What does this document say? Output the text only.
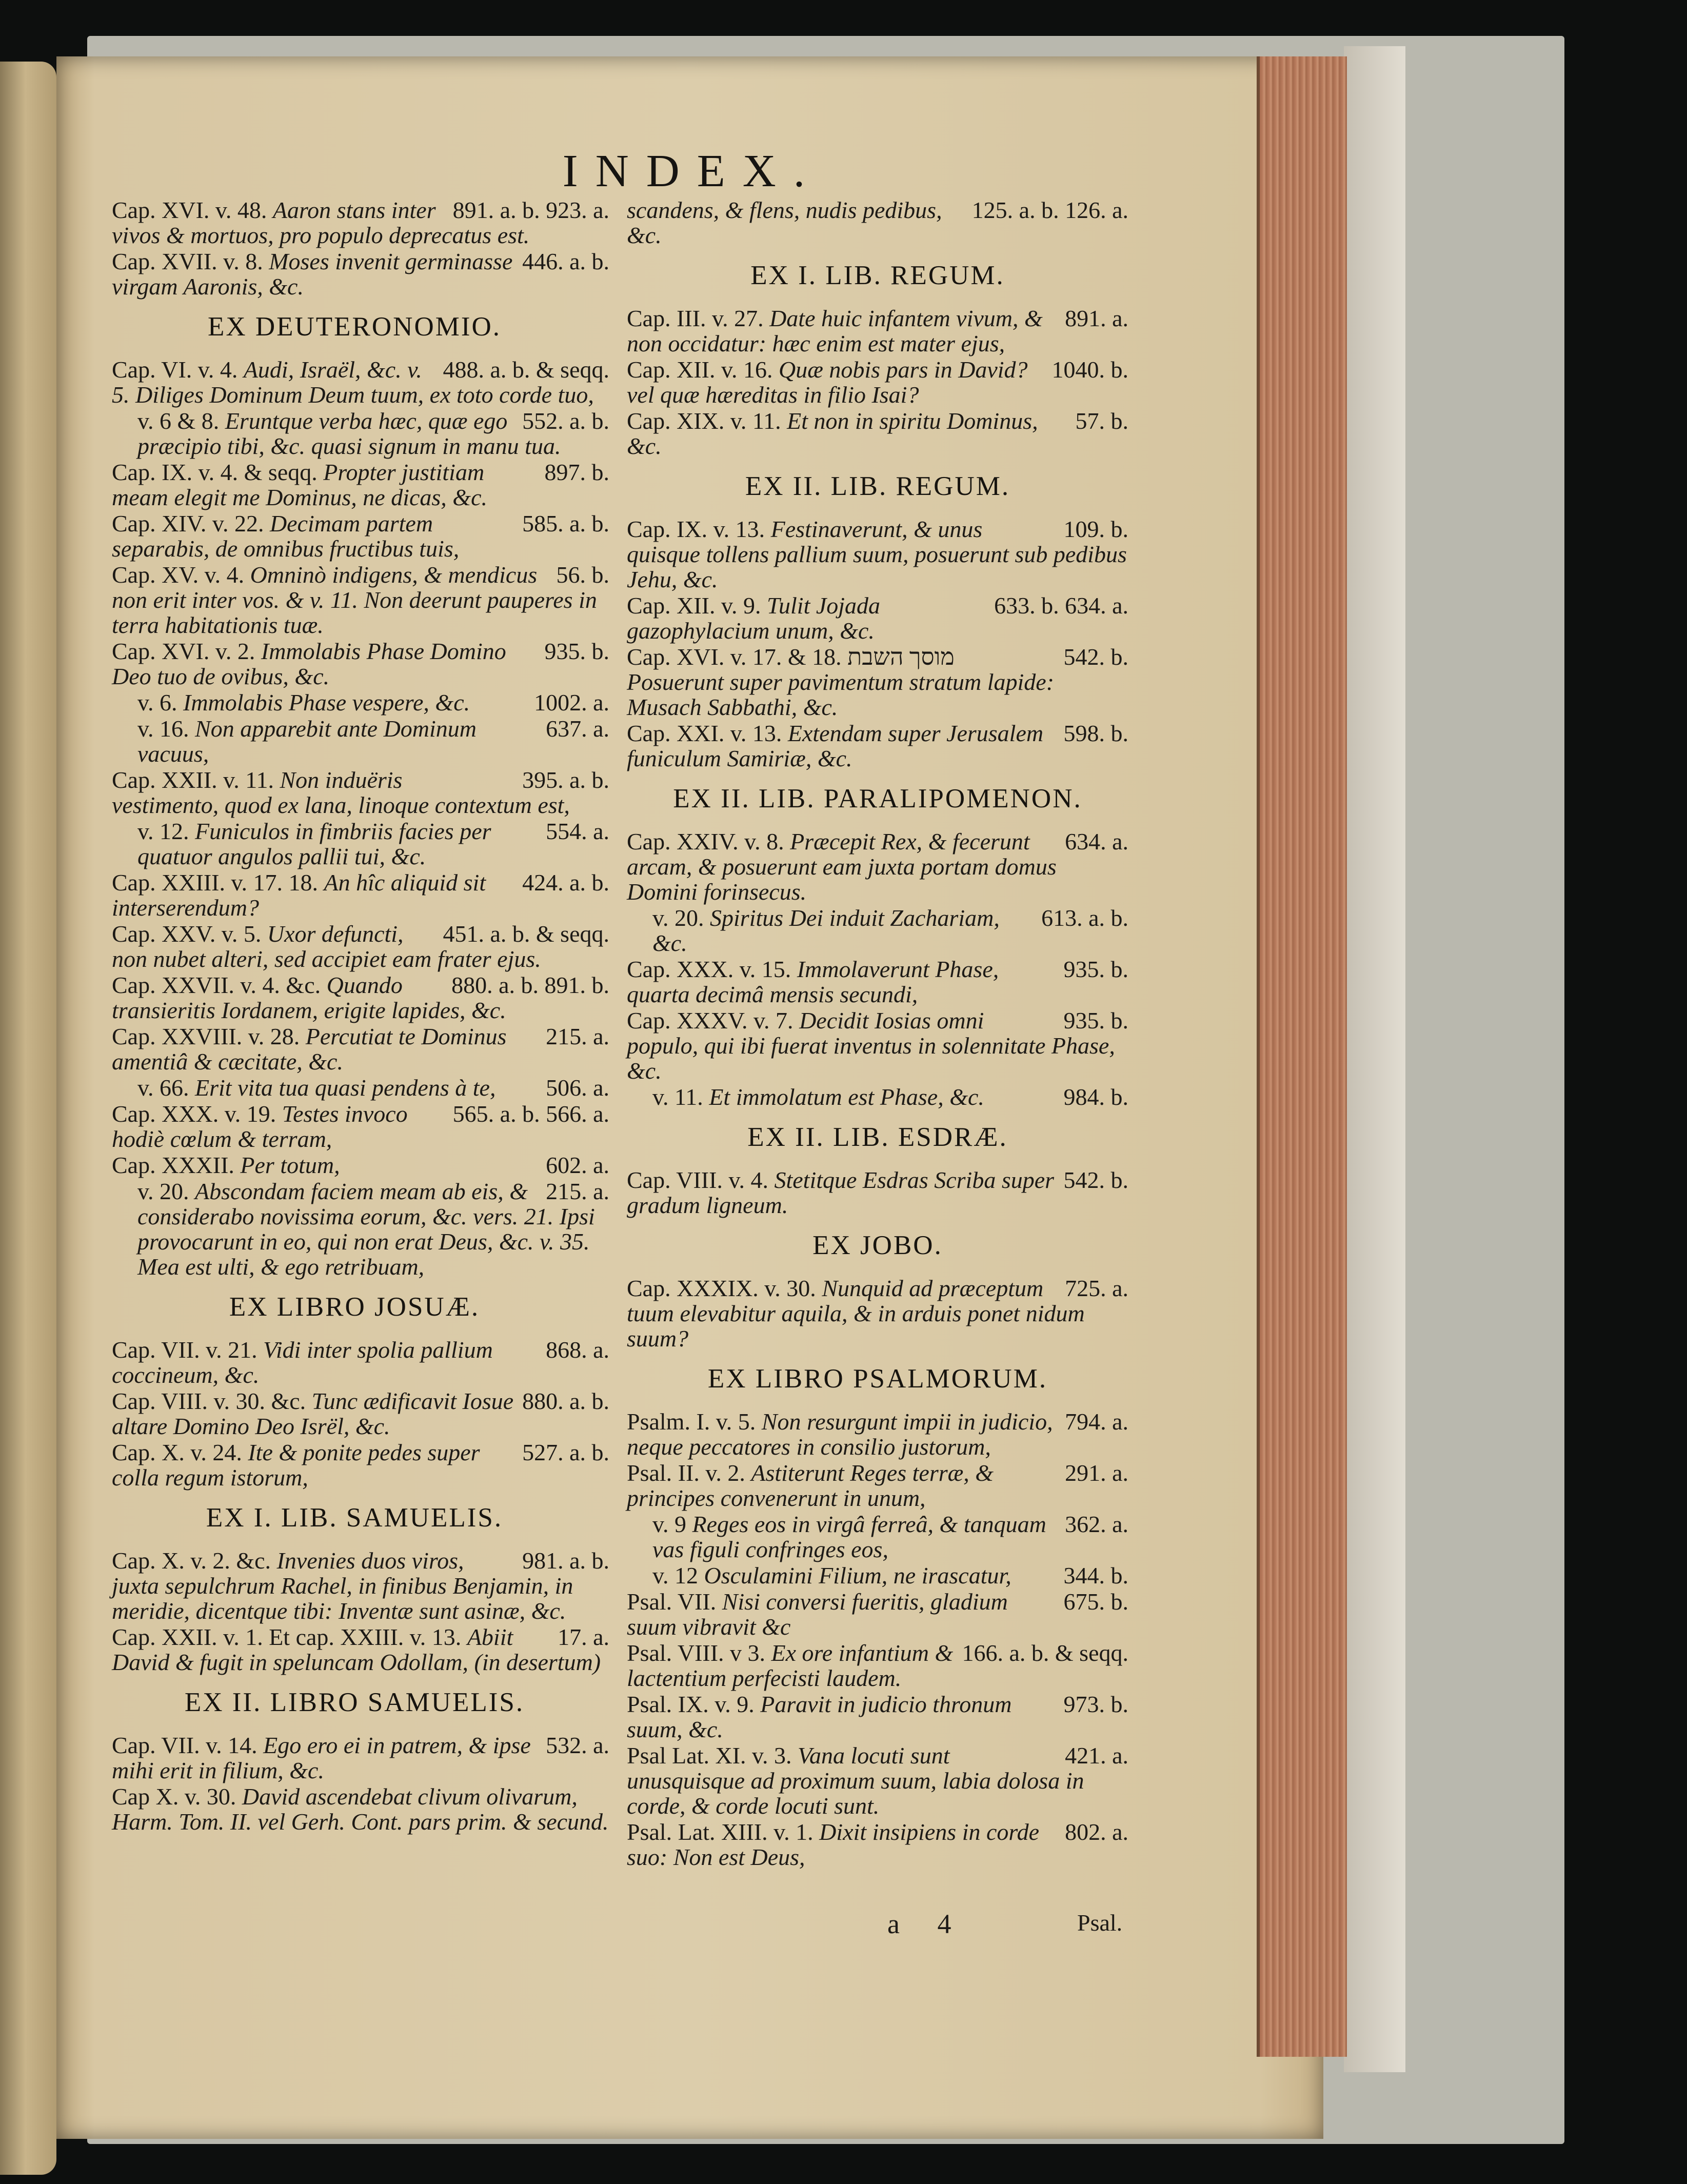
INDEX.
891. a. b. 923. a.
Cap. XVI. v. 48. Aaron stans inter vivos & mortuos, pro populo deprecatus est.
446. a. b.
Cap. XVII. v. 8. Moses invenit germinasse virgam Aaronis, &c.
EX DEUTERONOMIO.
488. a. b. & seqq.
Cap. VI. v. 4. Audi, Israël, &c. v. 5. Diliges Dominum Deum tuum, ex toto corde tuo,
552. a. b.
v. 6 & 8. Eruntque verba hæc, quæ ego præcipio tibi, &c. quasi signum in manu tua.
897. b.
Cap. IX. v. 4. & seqq. Propter justitiam meam elegit me Dominus, ne dicas, &c.
585. a. b.
Cap. XIV. v. 22. Decimam partem separabis, de omnibus fructibus tuis,
56. b.
Cap. XV. v. 4. Omninò indigens, & mendicus non erit inter vos. & v. 11. Non deerunt pauperes in terra habitationis tuæ.
935. b.
Cap. XVI. v. 2. Immolabis Phase Domino Deo tuo de ovibus, &c.
1002. a.
v. 6. Immolabis Phase vespere, &c.
637. a.
v. 16. Non apparebit ante Dominum vacuus,
395. a. b.
Cap. XXII. v. 11. Non induëris vestimento, quod ex lana, linoque contextum est,
554. a.
v. 12. Funiculos in fimbriis facies per quatuor angulos pallii tui, &c.
424. a. b.
Cap. XXIII. v. 17. 18. An hîc aliquid sit interserendum?
451. a. b. & seqq.
Cap. XXV. v. 5. Uxor defuncti, non nubet alteri, sed accipiet eam frater ejus.
880. a. b. 891. b.
Cap. XXVII. v. 4. &c. Quando transieritis Iordanem, erigite lapides, &c.
215. a.
Cap. XXVIII. v. 28. Percutiat te Dominus amentiâ & cæcitate, &c.
506. a.
v. 66. Erit vita tua quasi pendens à te,
565. a. b. 566. a.
Cap. XXX. v. 19. Testes invoco hodiè cœlum & terram,
602. a.
Cap. XXXII. Per totum,
215. a.
v. 20. Abscondam faciem meam ab eis, & considerabo novissima eorum, &c. vers. 21. Ipsi provocarunt in eo, qui non erat Deus, &c. v. 35. Mea est ulti, & ego retribuam,
EX LIBRO JOSUÆ.
868. a.
Cap. VII. v. 21. Vidi inter spolia pallium coccineum, &c.
880. a. b.
Cap. VIII. v. 30. &c. Tunc ædificavit Iosue altare Domino Deo Isrël, &c.
527. a. b.
Cap. X. v. 24. Ite & ponite pedes super colla regum istorum,
EX I. LIB. SAMUELIS.
981. a. b.
Cap. X. v. 2. &c. Invenies duos viros, juxta sepulchrum Rachel, in finibus Benjamin, in meridie, dicentque tibi: Inventæ sunt asinæ, &c.
17. a.
Cap. XXII. v. 1. Et cap. XXIII. v. 13. Abiit David & fugit in speluncam Odollam, (in desertum)
EX II. LIBRO SAMUELIS.
532. a.
Cap. VII. v. 14. Ego ero ei in patrem, & ipse mihi erit in filium, &c.
Cap X. v. 30. David ascendebat clivum olivarum, Harm. Tom. II. vel Gerh. Cont. pars prim. & secund.
125. a. b. 126. a.
scandens, & flens, nudis pedibus, &c.
EX I. LIB. REGUM.
891. a.
Cap. III. v. 27. Date huic infantem vivum, & non occidatur: hæc enim est mater ejus,
1040. b.
Cap. XII. v. 16. Quæ nobis pars in David? vel quæ hæreditas in filio Isai?
57. b.
Cap. XIX. v. 11. Et non in spiritu Dominus, &c.
EX II. LIB. REGUM.
109. b.
Cap. IX. v. 13. Festinaverunt, & unus quisque tollens pallium suum, posuerunt sub pedibus Jehu, &c.
633. b. 634. a.
Cap. XII. v. 9. Tulit Jojada gazophylacium unum, &c.
542. b.
Cap. XVI. v. 17. & 18. מוסך השבת Posuerunt super pavimentum stratum lapide: Musach Sabbathi, &c.
598. b.
Cap. XXI. v. 13. Extendam super Jerusalem funiculum Samiriæ, &c.
EX II. LIB. PARALIPOMENON.
634. a.
Cap. XXIV. v. 8. Præcepit Rex, & fecerunt arcam, & posuerunt eam juxta portam domus Domini forinsecus.
613. a. b.
v. 20. Spiritus Dei induit Zachariam, &c.
935. b.
Cap. XXX. v. 15. Immolaverunt Phase, quarta decimâ mensis secundi,
935. b.
Cap. XXXV. v. 7. Decidit Iosias omni populo, qui ibi fuerat inventus in solennitate Phase, &c.
984. b.
v. 11. Et immolatum est Phase, &c.
EX II. LIB. ESDRÆ.
542. b.
Cap. VIII. v. 4. Stetitque Esdras Scriba super gradum ligneum.
EX JOBO.
725. a.
Cap. XXXIX. v. 30. Nunquid ad præceptum tuum elevabitur aquila, & in arduis ponet nidum suum?
EX LIBRO PSALMORUM.
794. a.
Psalm. I. v. 5. Non resurgunt impii in judicio, neque peccatores in consilio justorum,
291. a.
Psal. II. v. 2. Astiterunt Reges terræ, & principes convenerunt in unum,
362. a.
v. 9 Reges eos in virgâ ferreâ, & tanquam vas figuli confringes eos,
344. b.
v. 12 Osculamini Filium, ne irascatur,
675. b.
Psal. VII. Nisi conversi fueritis, gladium suum vibravit &c
166. a. b. & seqq.
Psal. VIII. v 3. Ex ore infantium & lactentium perfecisti laudem.
973. b.
Psal. IX. v. 9. Paravit in judicio thronum suum, &c.
421. a.
Psal Lat. XI. v. 3. Vana locuti sunt unusquisque ad proximum suum, labia dolosa in corde, & corde locuti sunt.
802. a.
Psal. Lat. XIII. v. 1. Dixit insipiens in corde suo: Non est Deus,
a 4	Psal.
